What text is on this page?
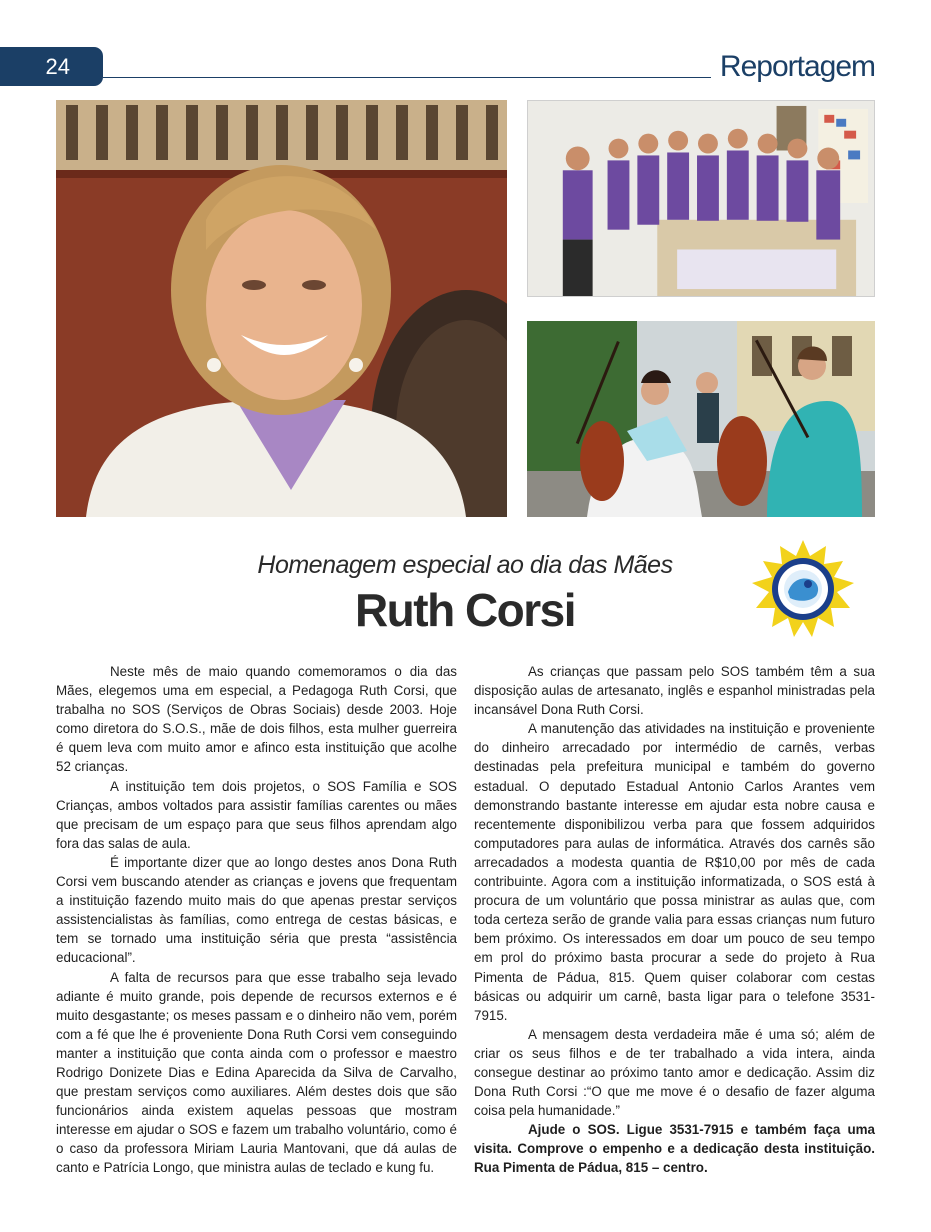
24	Reportagem
Homenagem especial ao dia das Mães
Ruth Corsi

Neste mês de maio quando comemoramos o dia das Mães, elegemos uma em especial, a Pedagoga Ruth Corsi, que trabalha no SOS (Serviços de Obras Sociais) desde 2003. Hoje como diretora do S.O.S., mãe de dois filhos, esta mulher guerreira é quem leva com muito amor e afinco esta instituição que acolhe 52 crianças.

A instituição tem dois projetos, o SOS Família e SOS Crianças, ambos voltados para assistir famílias carentes ou mães que precisam de um espaço para que seus filhos aprendam algo fora das salas de aula.

É importante dizer que ao longo destes anos Dona Ruth Corsi vem buscando atender as crianças e jovens que frequentam a instituição fazendo muito mais do que apenas prestar serviços assistencialistas às famílias, como entrega de cestas básicas, e tem se tornado uma instituição séria que presta “assistência educacional”.

A falta de recursos para que esse trabalho seja levado adiante é muito grande, pois depende de recursos externos e é muito desgastante; os meses passam e o dinheiro não vem, porém com a fé que lhe é proveniente Dona Ruth Corsi vem conseguindo manter a instituição que conta ainda com o professor e maestro Rodrigo Donizete Dias e Edina Aparecida da Silva de Carvalho, que prestam serviços como auxiliares. Além destes dois que são funcionários ainda existem aquelas pessoas que mostram interesse em ajudar o SOS e fazem um trabalho voluntário, como é o caso da professora Miriam Lauria Mantovani, que dá aulas de canto e Patrícia Longo, que ministra aulas de teclado e kung fu.

As crianças que passam pelo SOS também têm a sua disposição aulas de artesanato, inglês e espanhol ministradas pela incansável Dona Ruth Corsi.

A manutenção das atividades na instituição e proveniente do dinheiro arrecadado por intermédio de carnês, verbas destinadas pela prefeitura municipal e também do governo estadual. O deputado Estadual Antonio Carlos Arantes vem demonstrando bastante interesse em ajudar esta nobre causa e recentemente disponibilizou verba para que fossem adquiridos computadores para aulas de informática. Através dos carnês são arrecadados a modesta quantia de R$10,00 por mês de cada contribuinte. Agora com a instituição informatizada, o SOS está à procura de um voluntário que possa ministrar as aulas que, com toda certeza serão de grande valia para essas crianças num futuro bem próximo. Os interessados em doar um pouco de seu tempo em prol do próximo basta procurar a sede do projeto à Rua Pimenta de Pádua, 815. Quem quiser colaborar com cestas básicas ou adquirir um carnê, basta ligar para o telefone 3531-7915.

A mensagem desta verdadeira mãe é uma só; além de criar os seus filhos e de ter trabalhado a vida intera, ainda consegue destinar ao próximo tanto amor e dedicação. Assim diz Dona Ruth Corsi :“O que me move é o desafio de fazer alguma coisa pela humanidade.”

Ajude o SOS. Ligue 3531-7915 e também faça uma visita. Comprove o empenho e a dedicação desta instituição. Rua Pimenta de Pádua, 815 – centro.
